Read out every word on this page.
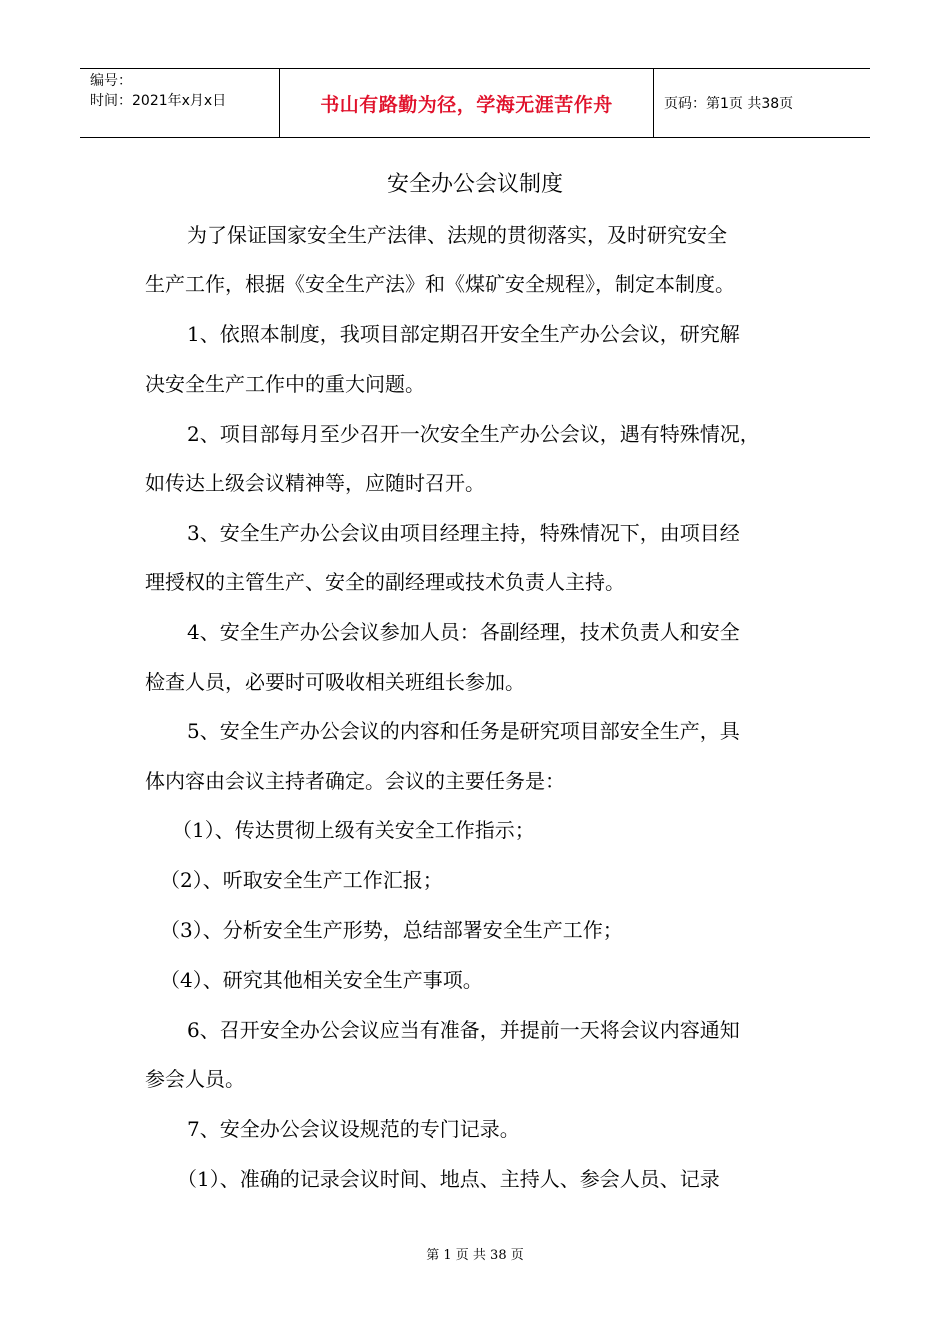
编号：
时间：2021年x月x日	书山有路勤为径，学海无涯苦作舟	页码：第1页 共38页
安全办公会议制度
为了保证国家安全生产法律、法规的贯彻落实，及时研究安全
生产工作，根据《安全生产法》和《煤矿安全规程》，制定本制度。
1、依照本制度，我项目部定期召开安全生产办公会议，研究解
决安全生产工作中的重大问题。
2、项目部每月至少召开一次安全生产办公会议，遇有特殊情况，
如传达上级会议精神等，应随时召开。
3、安全生产办公会议由项目经理主持，特殊情况下，由项目经
理授权的主管生产、安全的副经理或技术负责人主持。
4、安全生产办公会议参加人员：各副经理，技术负责人和安全
检查人员，必要时可吸收相关班组长参加。
5、安全生产办公会议的内容和任务是研究项目部安全生产，具
体内容由会议主持者确定。会议的主要任务是：
（1）、传达贯彻上级有关安全工作指示；
（2）、听取安全生产工作汇报；
（3）、分析安全生产形势，总结部署安全生产工作；
（4）、研究其他相关安全生产事项。
6、召开安全办公会议应当有准备，并提前一天将会议内容通知
参会人员。
7、安全办公会议设规范的专门记录。
（1）、准确的记录会议时间、地点、主持人、参会人员、记录
第 1 页 共 38 页
